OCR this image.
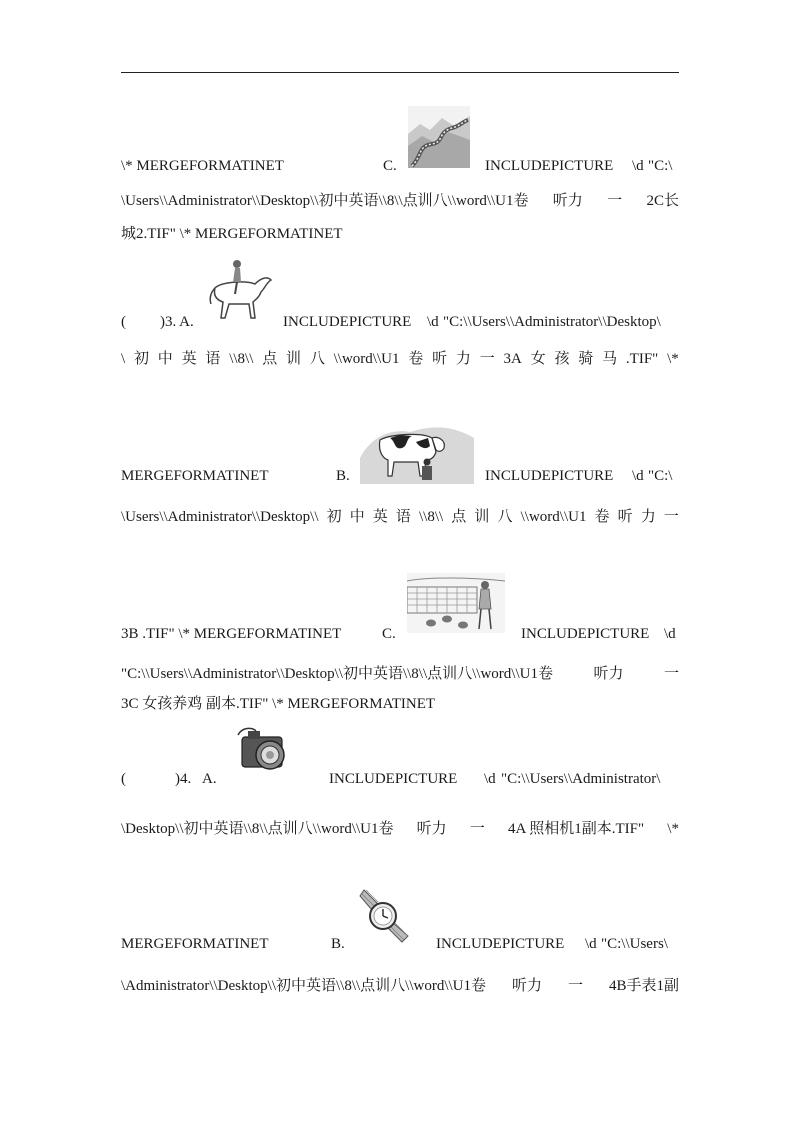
\* MERGEFORMATINET	C.	INCLUDEPICTURE \d "C:\
\Users\\Administrator\\Desktop\\初中英语\\8\\点训八\\word\\U1卷 听力 一 2C长
城2.TIF" \* MERGEFORMATINET
( )3. A.	INCLUDEPICTURE \d "C:\\Users\\Administrator\\Desktop\
\ 初 中 英 语 \\8\\ 点 训 八 \\word\\U1 卷 听 力 一 3A 女 孩 骑 马 .TIF" \*
MERGEFORMATINET	B.	INCLUDEPICTURE \d "C:\
\Users\\Administrator\\Desktop\\ 初 中 英 语 \\8\\ 点 训 八 \\word\\U1 卷 听 力 一
3B .TIF" \* MERGEFORMATINET	C.	INCLUDEPICTURE \d
"C:\\Users\\Administrator\\Desktop\\初中英语\\8\\点训八\\word\\U1卷	听力	一
3C 女孩养鸡 副本.TIF" \* MERGEFORMATINET
(	)4. A.	INCLUDEPICTURE \d "C:\\Users\\Administrator\
\Desktop\\初中英语\\8\\点训八\\word\\U1卷 听力 一 4A 照相机1副本.TIF" \*
MERGEFORMATINET	B.	INCLUDEPICTURE \d "C:\\Users\
\Administrator\\Desktop\\初中英语\\8\\点训八\\word\\U1卷 听力 一 4B手表1副
